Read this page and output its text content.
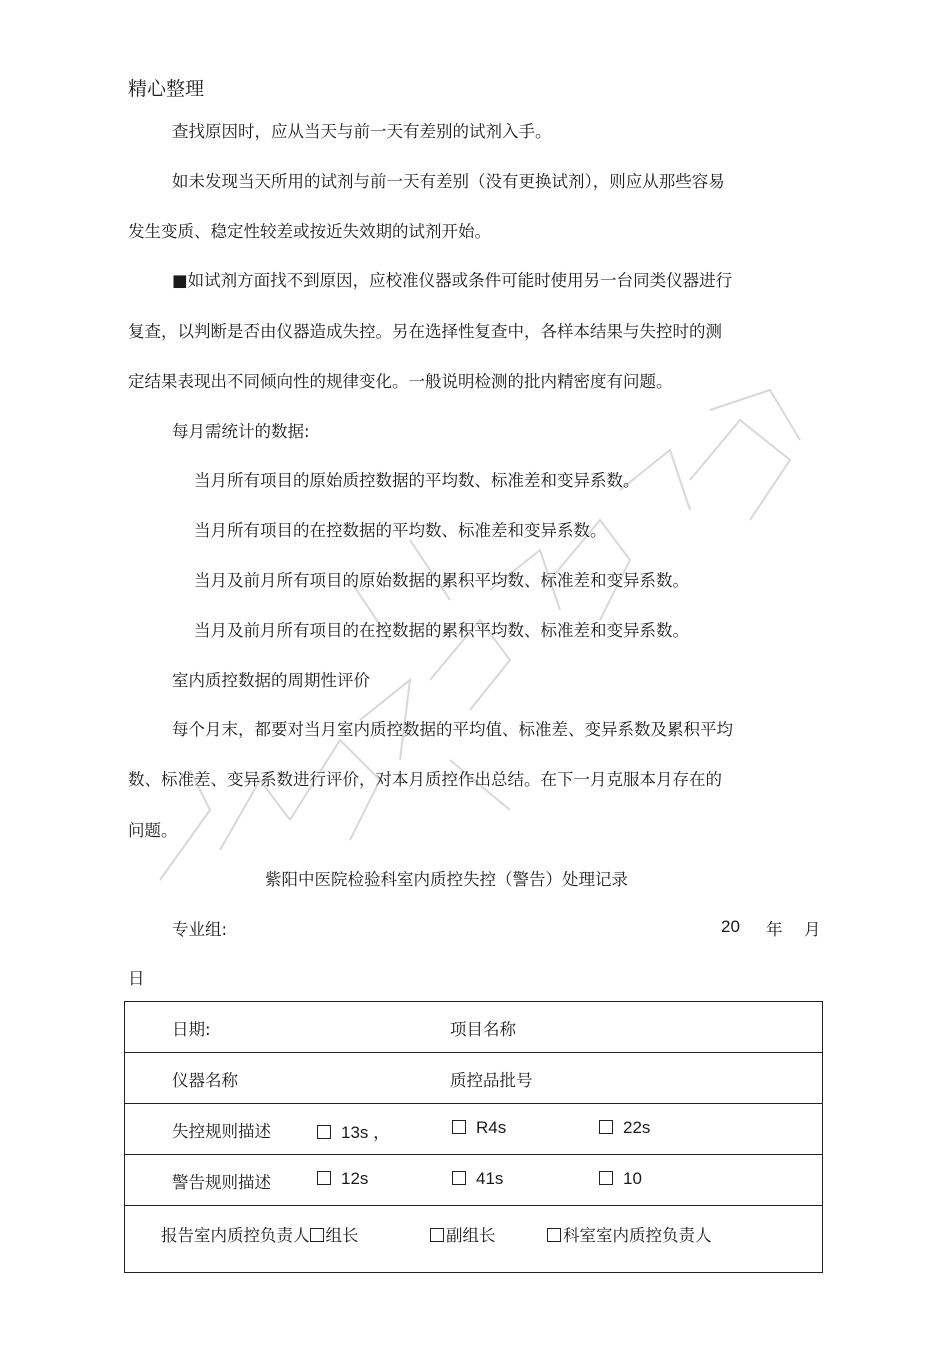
精心整理
查找原因时，应从当天与前一天有差别的试剂入手。
如未发现当天所用的试剂与前一天有差别（没有更换试剂），则应从那些容易
发生变质、稳定性较差或按近失效期的试剂开始。
■如试剂方面找不到原因，应校准仪器或条件可能时使用另一台同类仪器进行
复查，以判断是否由仪器造成失控。另在选择性复查中，各样本结果与失控时的测
定结果表现出不同倾向性的规律变化。一般说明检测的批内精密度有问题。
每月需统计的数据:
当月所有项目的原始质控数据的平均数、标准差和变异系数。
当月所有项目的在控数据的平均数、标准差和变异系数。
当月及前月所有项目的原始数据的累积平均数、标准差和变异系数。
当月及前月所有项目的在控数据的累积平均数、标准差和变异系数。
室内质控数据的周期性评价
每个月末，都要对当月室内质控数据的平均值、标准差、变异系数及累积平均
数、标准差、变异系数进行评价，对本月质控作出总结。在下一月克服本月存在的
问题。
紫阳中医院检验科室内质控失控（警告）处理记录
专业组:	20 年 月
日
日期:	项目名称
仪器名称	质控品批号
失控规则描述	13s ，	R4s	22s
警告规则描述	12s	41s	10
报告室内质控负责人 组长	副组长	科室室内质控负责人
